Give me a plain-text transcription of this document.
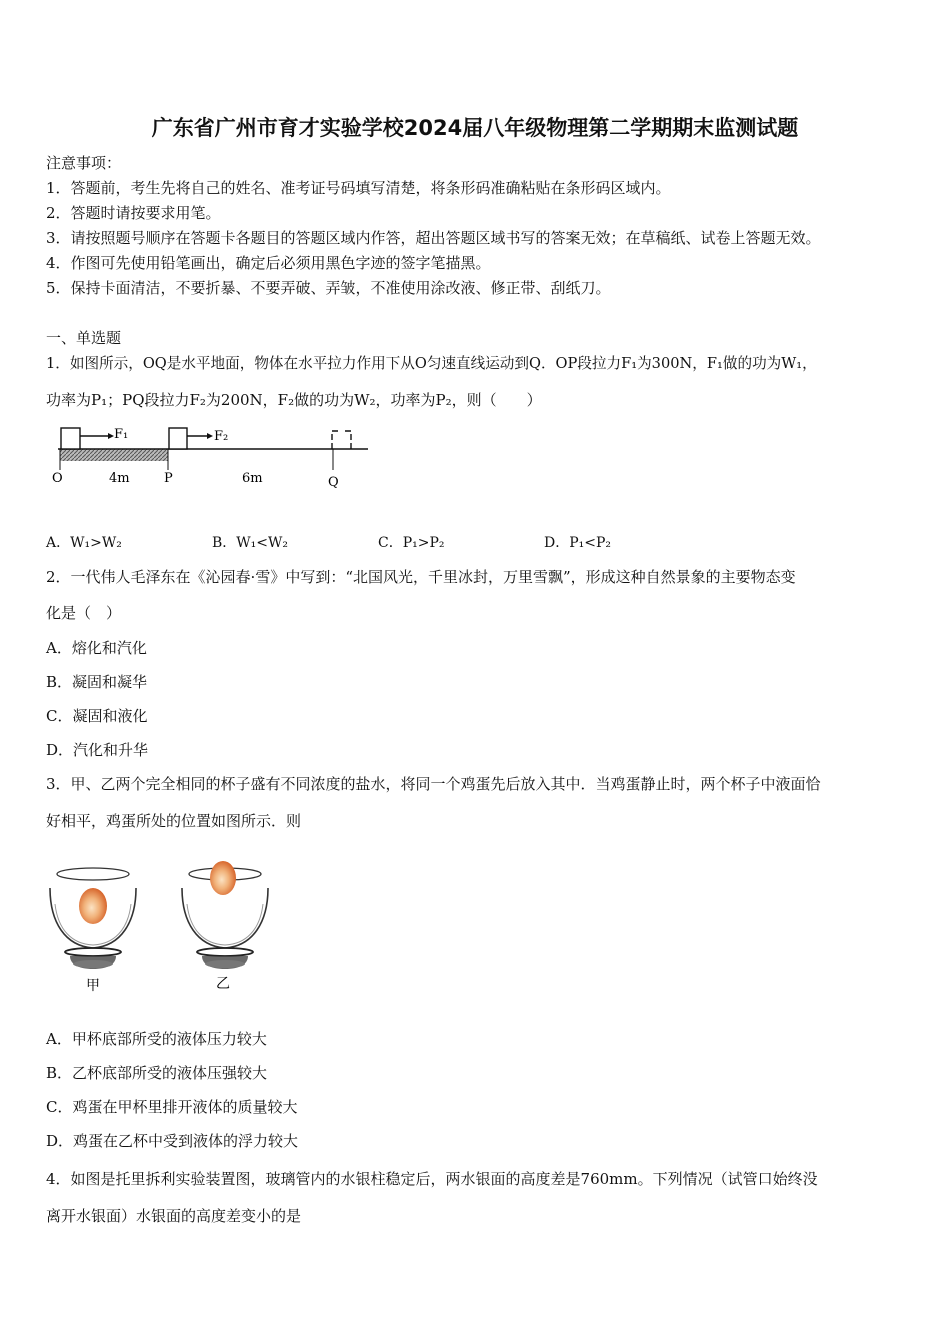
广东省广州市育才实验学校2024届八年级物理第二学期期末监测试题
注意事项：
1．答题前，考生先将自己的姓名、准考证号码填写清楚，将条形码准确粘贴在条形码区域内。
2．答题时请按要求用笔。
3．请按照题号顺序在答题卡各题目的答题区域内作答，超出答题区域书写的答案无效；在草稿纸、试卷上答题无效。
4．作图可先使用铅笔画出，确定后必须用黑色字迹的签字笔描黑。
5．保持卡面清洁，不要折暴、不要弄破、弄皱，不准使用涂改液、修正带、刮纸刀。
一、单选题
1．如图所示，OQ是水平地面，物体在水平拉力作用下从O匀速直线运动到Q．OP段拉力F₁为300N，F₁做的功为W₁，
功率为P₁；PQ段拉力F₂为200N，F₂做的功为W₂，功率为P₂，则（　　）
F₁	F₂
O	4m	P	6m	Q
A．W₁>W₂	B．W₁<W₂	C．P₁>P₂	D．P₁<P₂
2．一代伟人毛泽东在《沁园春·雪》中写到：“北国风光，千里冰封，万里雪飘”，形成这种自然景象的主要物态变
化是（　）
A．熔化和汽化
B．凝固和凝华
C．凝固和液化
D．汽化和升华
3．甲、乙两个完全相同的杯子盛有不同浓度的盐水，将同一个鸡蛋先后放入其中．当鸡蛋静止时，两个杯子中液面恰
好相平，鸡蛋所处的位置如图所示．则
甲	乙
A．甲杯底部所受的液体压力较大
B．乙杯底部所受的液体压强较大
C．鸡蛋在甲杯里排开液体的质量较大
D．鸡蛋在乙杯中受到液体的浮力较大
4．如图是托里拆利实验装置图，玻璃管内的水银柱稳定后，两水银面的高度差是760mm。下列情况（试管口始终没
离开水银面）水银面的高度差变小的是
